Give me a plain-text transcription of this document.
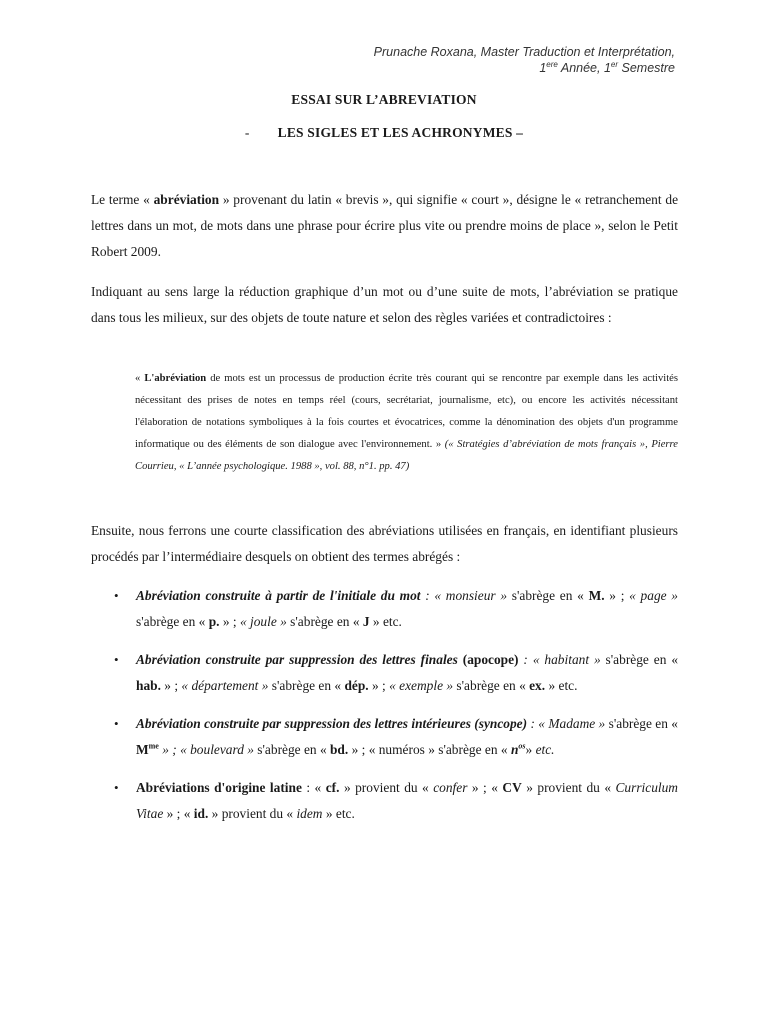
Prunache Roxana, Master Traduction et Interprétation,
1ere Année, 1er Semestre
ESSAI SUR L’ABREVIATION
- LES SIGLES ET LES ACHRONYMES –
Le terme « abréviation » provenant du latin « brevis », qui signifie « court », désigne le « retranchement de lettres dans un mot, de mots dans une phrase pour écrire plus vite ou prendre moins de place », selon le Petit Robert 2009.
Indiquant au sens large la réduction graphique d’un mot ou d’une suite de mots, l’abréviation se pratique dans tous les milieux, sur des objets de toute nature et selon des règles variées et contradictoires :
« L'abréviation de mots est un processus de production écrite très courant qui se rencontre par exemple dans les activités nécessitant des prises de notes en temps réel (cours, secrétariat, journalisme, etc), ou encore les activités nécessitant l'élaboration de notations symboliques à la fois courtes et évocatrices, comme la dénomination des objets d'un programme informatique ou des éléments de son dialogue avec l'environnement. » (« Stratégies d’abréviation de mots français », Pierre Courrieu, « L’année psychologique. 1988 », vol. 88, n°1. pp. 47)
Ensuite, nous ferrons une courte classification des abréviations utilisées en français, en identifiant plusieurs procédés par l’intermédiaire desquels on obtient des termes abrégés :
• Abréviation construite à partir de l'initiale du mot : « monsieur » s'abrège en « M. » ; « page » s'abrège en « p. » ; « joule » s'abrège en « J » etc.
• Abréviation construite par suppression des lettres finales (apocope) : « habitant » s'abrège en « hab. » ; « département » s'abrège en « dép. » ; « exemple » s'abrège en « ex. » etc.
• Abréviation construite par suppression des lettres intérieures (syncope) : « Madame » s'abrège en « $M^{me}$ » ; « boulevard » s'abrège en « bd. » ; « numéros » s'abrège en « $n^{os}$» etc.
• Abréviations d'origine latine : « cf. » provient du « confer » ; « CV » provient du « Curriculum Vitae » ; « id. » provient du « idem » etc.
